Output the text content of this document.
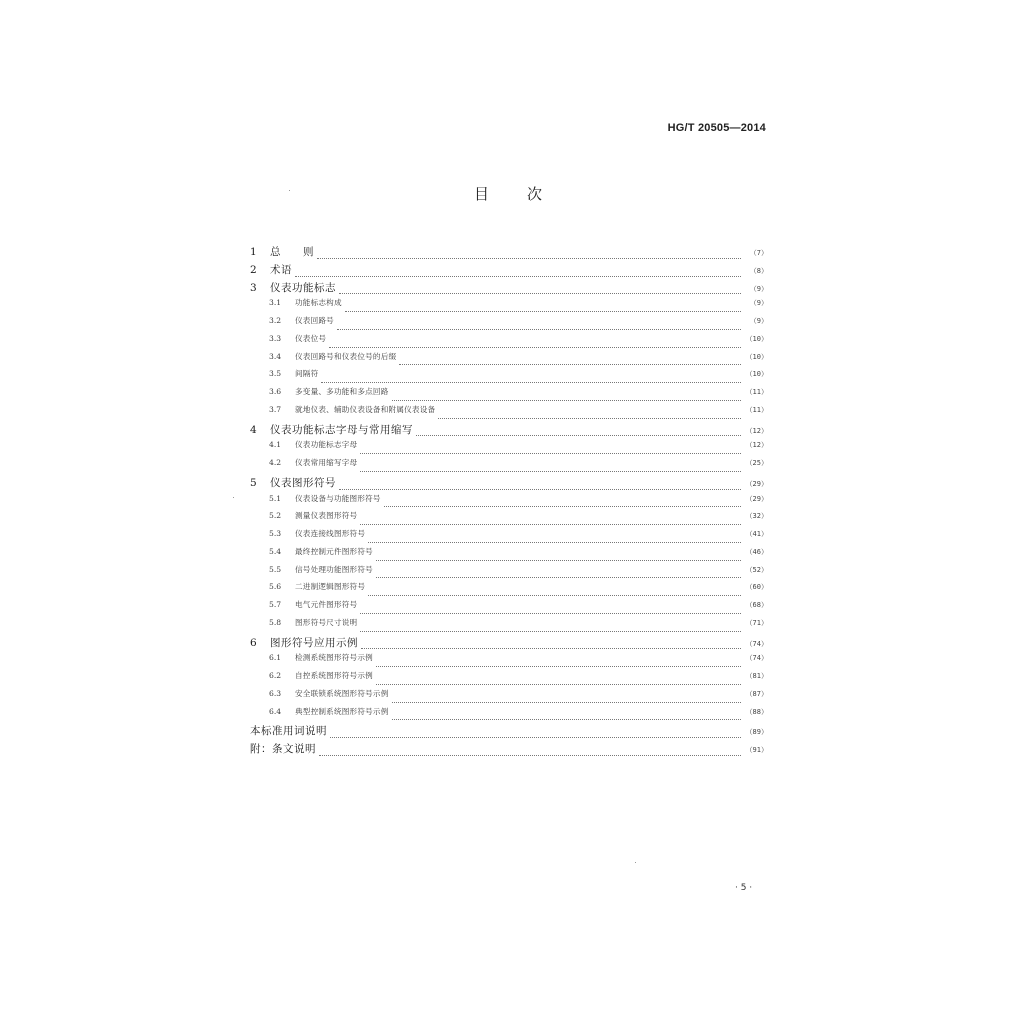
HG/T 20505—2014
目	次
1	总　　则	（7）
2	术语	（8）
3	仪表功能标志	（9）
3.1	功能标志构成	（9）
3.2	仪表回路号	（9）
3.3	仪表位号	（10）
3.4	仪表回路号和仪表位号的后缀	（10）
3.5	间隔符	（10）
3.6	多变量、多功能和多点回路	（11）
3.7	就地仪表、辅助仪表设备和附属仪表设备	（11）
4	仪表功能标志字母与常用缩写	（12）
4.1	仪表功能标志字母	（12）
4.2	仪表常用缩写字母	（25）
5	仪表图形符号	（29）
5.1	仪表设备与功能图形符号	（29）
5.2	测量仪表图形符号	（32）
5.3	仪表连接线图形符号	（41）
5.4	最终控制元件图形符号	（46）
5.5	信号处理功能图形符号	（52）
5.6	二进制逻辑图形符号	（60）
5.7	电气元件图形符号	（68）
5.8	图形符号尺寸说明	（71）
6	图形符号应用示例	（74）
6.1	检测系统图形符号示例	（74）
6.2	自控系统图形符号示例	（81）
6.3	安全联锁系统图形符号示例	（87）
6.4	典型控制系统图形符号示例	（88）
本标准用词说明	（89）
附：条文说明	（91）
· 5 ·
